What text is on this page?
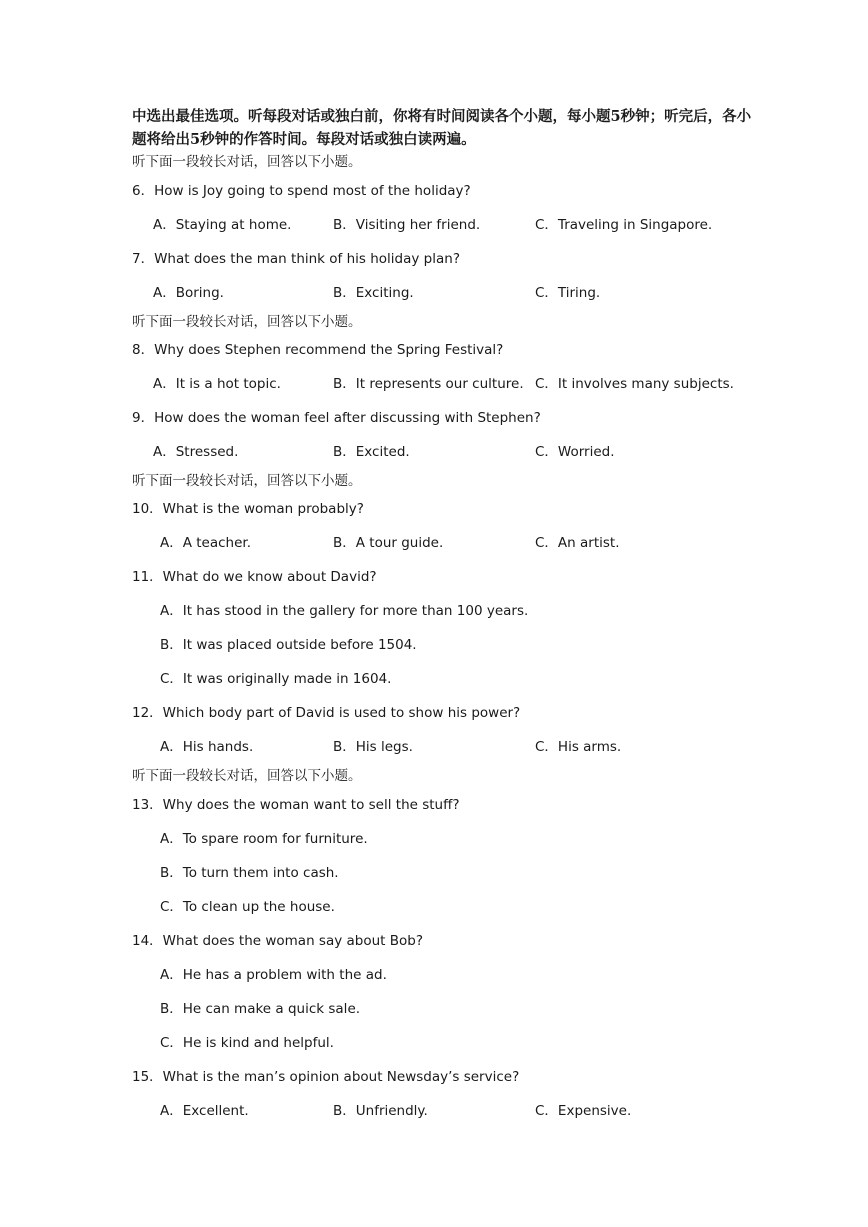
中选出最佳选项。听每段对话或独白前，你将有时间阅读各个小题，每小题5秒钟；听完后，各小题将给出5秒钟的作答时间。每段对话或独白读两遍。
听下面一段较长对话，回答以下小题。
6．How is Joy going to spend most of the holiday?
A．Staying at home.	B．Visiting her friend.	C．Traveling in Singapore.
7．What does the man think of his holiday plan?
A．Boring.	B．Exciting.	C．Tiring.
听下面一段较长对话，回答以下小题。
8．Why does Stephen recommend the Spring Festival?
A．It is a hot topic.	B．It represents our culture. C．It involves many subjects.
9．How does the woman feel after discussing with Stephen?
A．Stressed.	B．Excited.	C．Worried.
听下面一段较长对话，回答以下小题。
10．What is the woman probably?
A．A teacher.	B．A tour guide.	C．An artist.
11．What do we know about David?
A．It has stood in the gallery for more than 100 years.
B．It was placed outside before 1504.
C．It was originally made in 1604.
12．Which body part of David is used to show his power?
A．His hands.	B．His legs.	C．His arms.
听下面一段较长对话，回答以下小题。
13．Why does the woman want to sell the stuff?
A．To spare room for furniture.
B．To turn them into cash.
C．To clean up the house.
14．What does the woman say about Bob?
A．He has a problem with the ad.
B．He can make a quick sale.
C．He is kind and helpful.
15．What is the man’s opinion about Newsday’s service?
A．Excellent.	B．Unfriendly.	C．Expensive.
